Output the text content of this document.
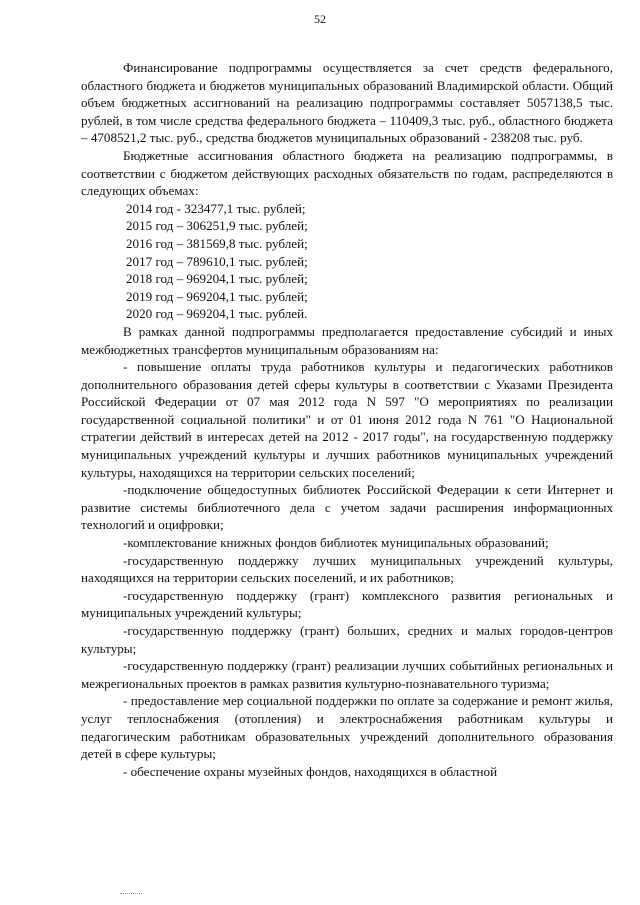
52

Финансирование подпрограммы осуществляется за счет средств федерального, областного бюджета и бюджетов муниципальных образований Владимирской области. Общий объем бюджетных ассигнований на реализацию подпрограммы составляет 5057138,5 тыс. рублей, в том числе средства федерального бюджета – 110409,3 тыс. руб., областного бюджета – 4708521,2 тыс. руб., средства бюджетов муниципальных образований - 238208 тыс. руб.

Бюджетные ассигнования областного бюджета на реализацию подпрограммы, в соответствии с бюджетом действующих расходных обязательств по годам, распределяются в следующих объемах:

2014 год - 323477,1 тыс. рублей;
2015 год – 306251,9 тыс. рублей;
2016 год – 381569,8 тыс. рублей;
2017 год – 789610,1 тыс. рублей;
2018 год – 969204,1 тыс. рублей;
2019 год – 969204,1 тыс. рублей;
2020 год – 969204,1 тыс. рублей.

В рамках данной подпрограммы предполагается предоставление субсидий и иных межбюджетных трансфертов муниципальным образованиям на:

- повышение оплаты труда работников культуры и педагогических работников дополнительного образования детей сферы культуры в соответствии с Указами Президента Российской Федерации от 07 мая 2012 года N 597 "О мероприятиях по реализации государственной социальной политики" и от 01 июня 2012 года N 761 "О Национальной стратегии действий в интересах детей на 2012 - 2017 годы", на государственную поддержку муниципальных учреждений культуры и лучших работников муниципальных учреждений культуры, находящихся на территории сельских поселений;

-подключение общедоступных библиотек Российской Федерации к сети Интернет и развитие системы библиотечного дела с учетом задачи расширения информационных технологий и оцифровки;

-комплектование книжных фондов библиотек муниципальных образований;

-государственную поддержку лучших муниципальных учреждений культуры, находящихся на территории сельских поселений, и их работников;

-государственную поддержку (грант) комплексного развития региональных и муниципальных учреждений культуры;

-государственную поддержку (грант) больших, средних и малых городов-центров культуры;

-государственную поддержку (грант) реализации лучших событийных региональных и межрегиональных проектов в рамках развития культурно-познавательного туризма;

- предоставление мер социальной поддержки по оплате за содержание и ремонт жилья, услуг теплоснабжения (отопления) и электроснабжения работникам культуры и педагогическим работникам образовательных учреждений дополнительного образования детей в сфере культуры;

- обеспечение охраны музейных фондов, находящихся в областной
